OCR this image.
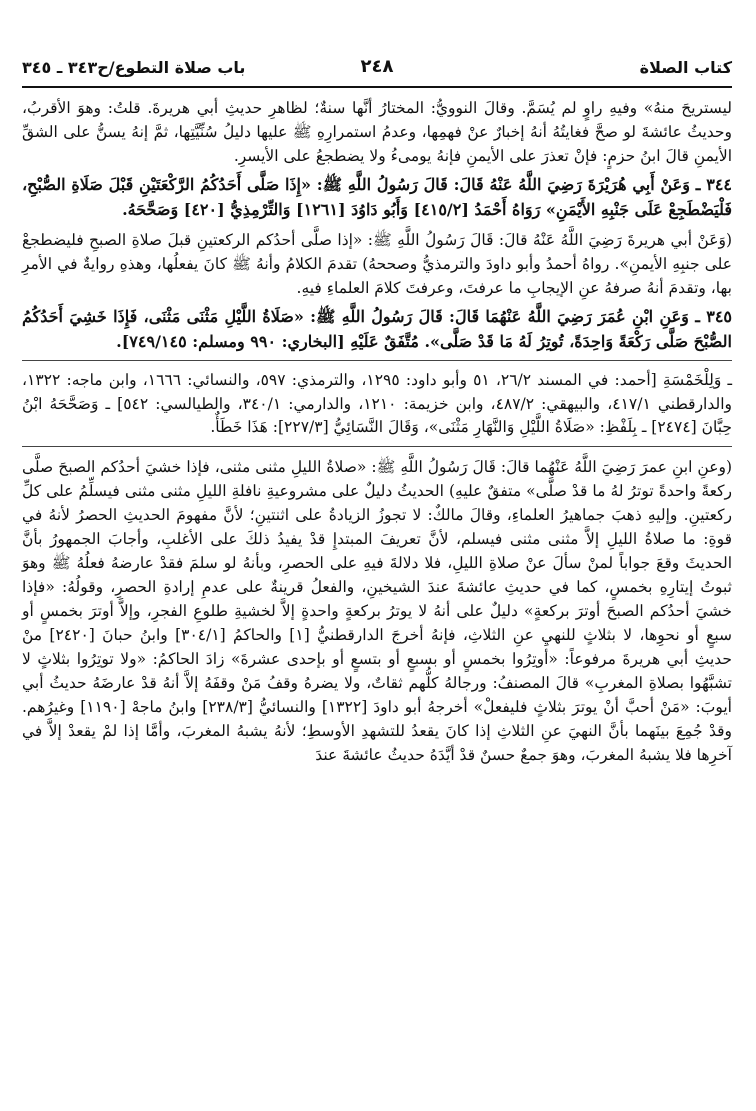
كتاب الصلاة
٢٤٨
باب صلاة التطوع/ح٣٤٣ ـ ٣٤٥

ليستريحَ منهُ» وفيهِ راوٍ لم يُسَمَّ. وقالَ النوويُّ: المختارُ أنَّها سنةٌ؛ لظاهرِ حديثِ أبي هريرةَ. قلتُ: وهوَ الأقربُ، وحديثُ عائشةَ لو صحَّ فغايتُهُ أنهُ إخبارٌ عنْ فهمِها، وعدمُ استمرارِهِ ﷺ عليها دليلُ سُنِّيَّتِها، ثمَّ إنهُ يسنُّ على الشقِّ الأيمنِ قالَ ابنُ حزمٍ: فإنْ تعذرَ على الأيمنِ فإنهُ يومىءُ ولا يضطجعُ على الأيسرِ.

٣٤٤ ـ وَعَنْ أَبِي هُرَيْرَةَ رَضِيَ اللَّهُ عَنْهُ قَالَ: قَالَ رَسُولُ اللَّهِ ﷺ: «إِذَا صَلَّى أَحَدُكُمُ الرَّكْعَتَيْنِ قَبْلَ صَلَاةِ الصُّبْحِ، فَلْيَضْطَجِعْ عَلَى جَنْبِهِ الأَيْمَنِ» رَوَاهُ أَحْمَدُ [٤١٥/٢] وَأَبُو دَاوُدَ [١٢٦١] وَالتِّرْمِذِيُّ [٤٢٠] وَصَحَّحَهُ.

(وَعَنْ أبي هريرةَ رَضِيَ اللَّهُ عَنْهُ قالَ: قَالَ رَسُولُ اللَّهِ ﷺ: «إذا صلَّى أحدُكم الركعتينِ قبلَ صلاةِ الصبحِ فليضطجعْ على جنبِهِ الأيمنِ». رواهُ أحمدُ وأبو داودَ والترمذيُّ وصححهُ) تقدمَ الكلامُ وأنهُ ﷺ كانَ يفعلُها، وهذهِ روايةٌ في الأمرِ بها، وتقدمَ أنهُ صرفهُ عنِ الإيجابِ ما عرفتَ، وعرفتَ كلامَ العلماءِ فيهِ.

٣٤٥ ـ وَعَنِ ابْنِ عُمَرَ رَضِيَ اللَّهُ عَنْهُمَا قَالَ: قَالَ رَسُولُ اللَّهِ ﷺ: «صَلَاةُ اللَّيْلِ مَثْنَى مَثْنَى، فَإِذَا خَشِيَ أَحَدُكُمُ الصُّبْحَ صَلَّى رَكْعَةً وَاحِدَةً، تُوتِرُ لَهُ مَا قَدْ صَلَّى». مُتَّفَقٌ عَلَيْهِ [البخاري: ٩٩٠ ومسلم: ٧٤٩/١٤٥].

ـ وَلِلْخَمْسَةِ [أحمد: في المسند ٢٦/٢، ٥١ وأبو داود: ١٢٩٥، والترمذي: ٥٩٧، والنسائي: ١٦٦٦، وابن ماجه: ١٣٢٢، والدارقطني ٤١٧/١، والبيهقي: ٤٨٧/٢، وابن خزيمة: ١٢١٠، والدارمي: ٣٤٠/١، والطيالسي: ٥٤٢] ـ وَصَحَّحَهُ ابْنُ حِبَّانَ [٢٤٧٤] ـ بِلَفْظِ: «صَلَاةُ اللَّيْلِ وَالنَّهَارِ مَثْنَى»، وَقَالَ النَّسَائِيُّ [٢٢٧/٣]: هَذَا خَطَأٌ.

(وعنِ ابنِ عمرَ رَضِيَ اللَّهُ عَنْهُما قالَ: قَالَ رَسُولُ اللَّهِ ﷺ: «صلاةُ الليلِ مثنى مثنى، فإذا خشيَ أحدُكم الصبحَ صلَّى ركعةً واحدةً توترُ لهُ ما قدْ صلَّى» متفقٌ عليهِ) الحديثُ دليلٌ على مشروعيةِ نافلةِ الليلِ مثنى مثنى فيسلِّمُ على كلِّ ركعتينِ. وإليهِ ذهبَ جماهيرُ العلماءِ، وقالَ مالكٌ: لا تجوزُ الزيادةُ على اثنتينِ؛ لأنَّ مفهومَ الحديثِ الحصرُ لأنهُ في قوةِ: ما صلاةُ الليلِ إلاَّ مثنى مثنى فيسلم، لأنَّ تعريفَ المبتدإِ قدْ يفيدُ ذلكَ على الأغلبِ، وأجابَ الجمهورُ بأنَّ الحديثَ وقعَ جواباً لمنْ سألَ عنْ صلاةِ الليلِ، فلا دلالةَ فيهِ على الحصرِ، وبأنهُ لو سلمَ فقدْ عارضهُ فعلُهُ ﷺ وهوَ ثبوتُ إيتارِهِ بخمسٍ، كما في حديثِ عائشةَ عندَ الشيخينِ، والفعلُ قرينةٌ على عدمِ إرادةِ الحصرِ، وقولُهُ: «فإذا خشيَ أحدُكم الصبحَ أوترَ بركعةٍ» دليلٌ على أنهُ لا يوترُ بركعةٍ واحدةٍ إلاَّ لخشيةِ طلوعِ الفجرِ، وإلاَّ أوترَ بخمسٍ أو سبعٍ أو نحوِها، لا بثلاثٍ للنهيِ عنِ الثلاثِ، فإنهُ أخرجَ الدارقطنيُّ [١] والحاكمُ [٣٠٤/١] وابنُ حبانَ [٢٤٢٠] منْ حديثِ أبي هريرةَ مرفوعاً: «أوتِرُوا بخمسٍ أو بسبعٍ أو بتسعٍ أو بإحدى عشرةَ» زادَ الحاكمُ: «ولا توتِرُوا بثلاثٍ لا تشبَّهُوا بصلاةِ المغربِ» قالَ المصنفُ: ورجالهُ كلُّهم ثقاتٌ، ولا يضرهُ وقفُ مَنْ وقفَهُ إلاَّ أنهُ قدْ عارضَهُ حديثُ أبي أيوبَ: «مَنْ أحبَّ أنْ يوترَ بثلاثٍ فليفعلْ» أخرجهُ أبو داودَ [١٣٢٢] والنسائيُّ [٢٣٨/٣] وابنُ ماجهْ [١١٩٠] وغيرُهم. وقدْ جُمِعَ بينَهما بأنَّ النهيَ عنِ الثلاثِ إذا كانَ يقعدُ للتشهدِ الأوسطِ؛ لأنهُ يشبهُ المغربَ، وأمَّا إذا لمْ يقعدْ إلاَّ في آخرِها فلا يشبهُ المغربَ، وهوَ جمعٌ حسنٌ قدْ أيَّدَهُ حديثُ عائشةَ عندَ
